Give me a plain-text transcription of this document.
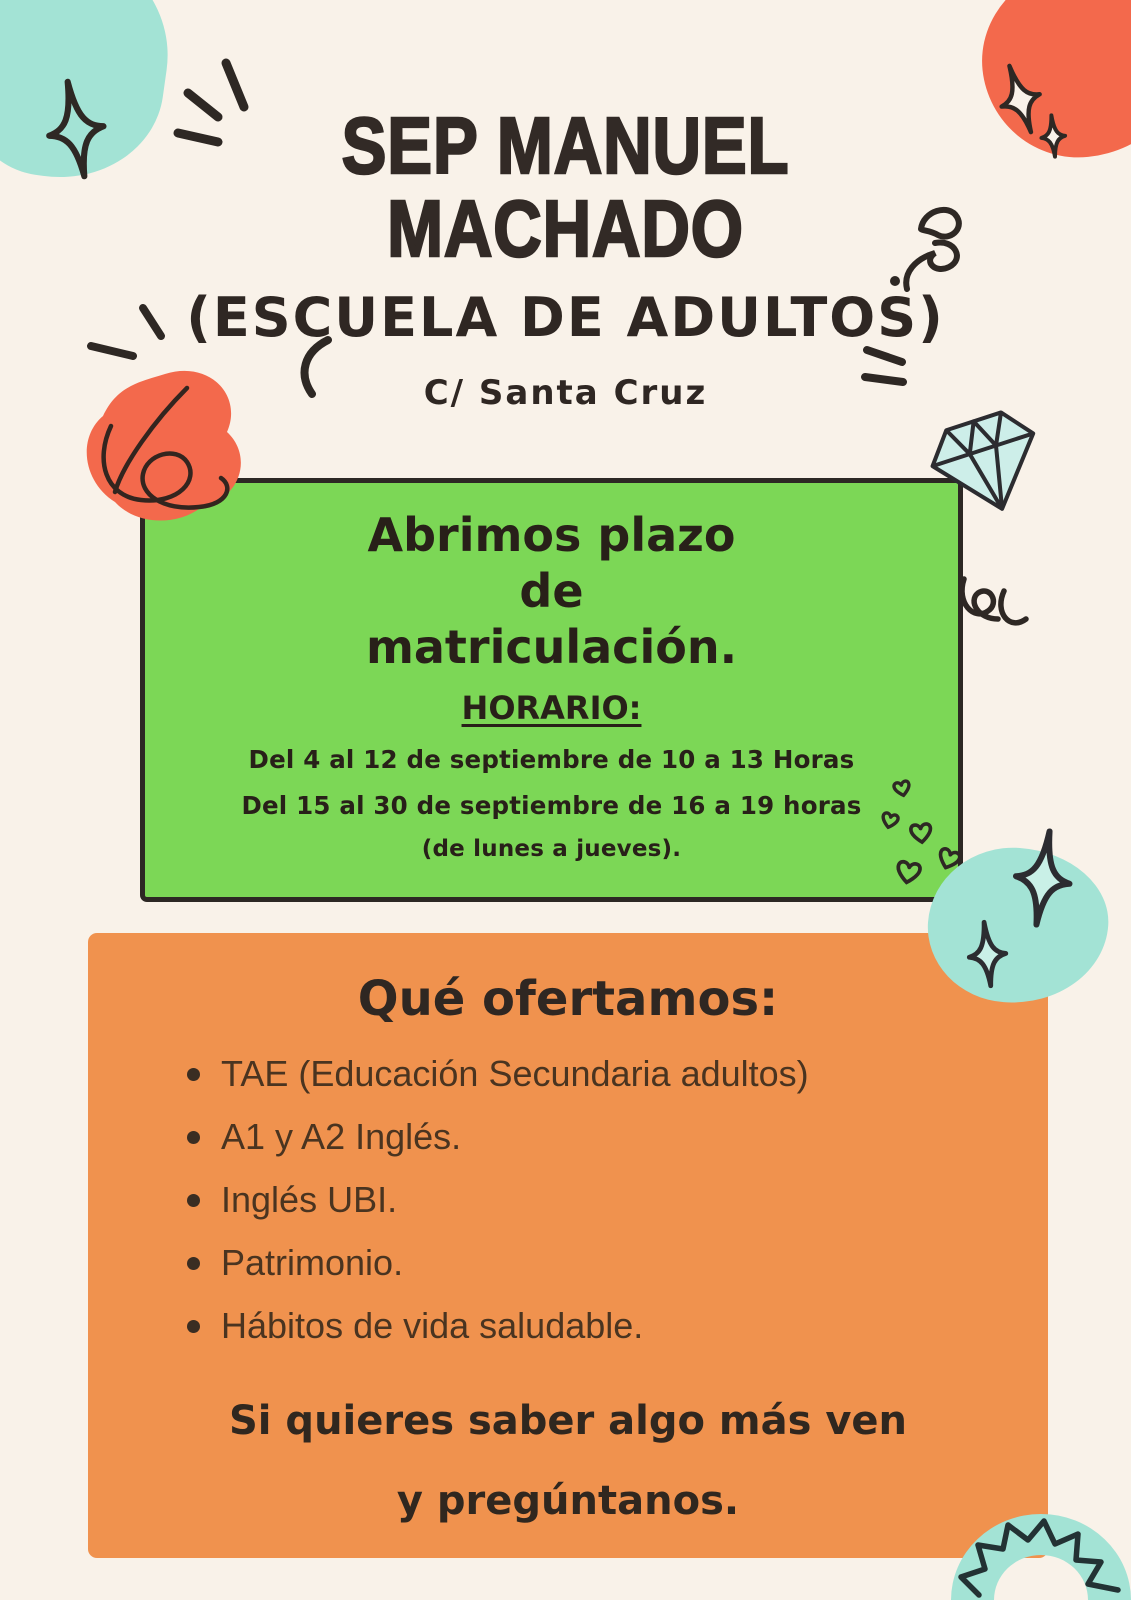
SEP MANUEL
MACHADO
(ESCUELA DE ADULTOS)
C/ Santa Cruz
Abrimos plazo
de
matriculación.
HORARIO:
Del 4 al 12 de septiembre de 10 a 13 Horas
Del 15 al 30 de septiembre de 16 a 19 horas
(de lunes a jueves).
Qué ofertamos:
TAE (Educación Secundaria adultos)
A1 y A2 Inglés.
Inglés UBI.
Patrimonio.
Hábitos de vida saludable.
Si quieres saber algo más ven
y pregúntanos.
